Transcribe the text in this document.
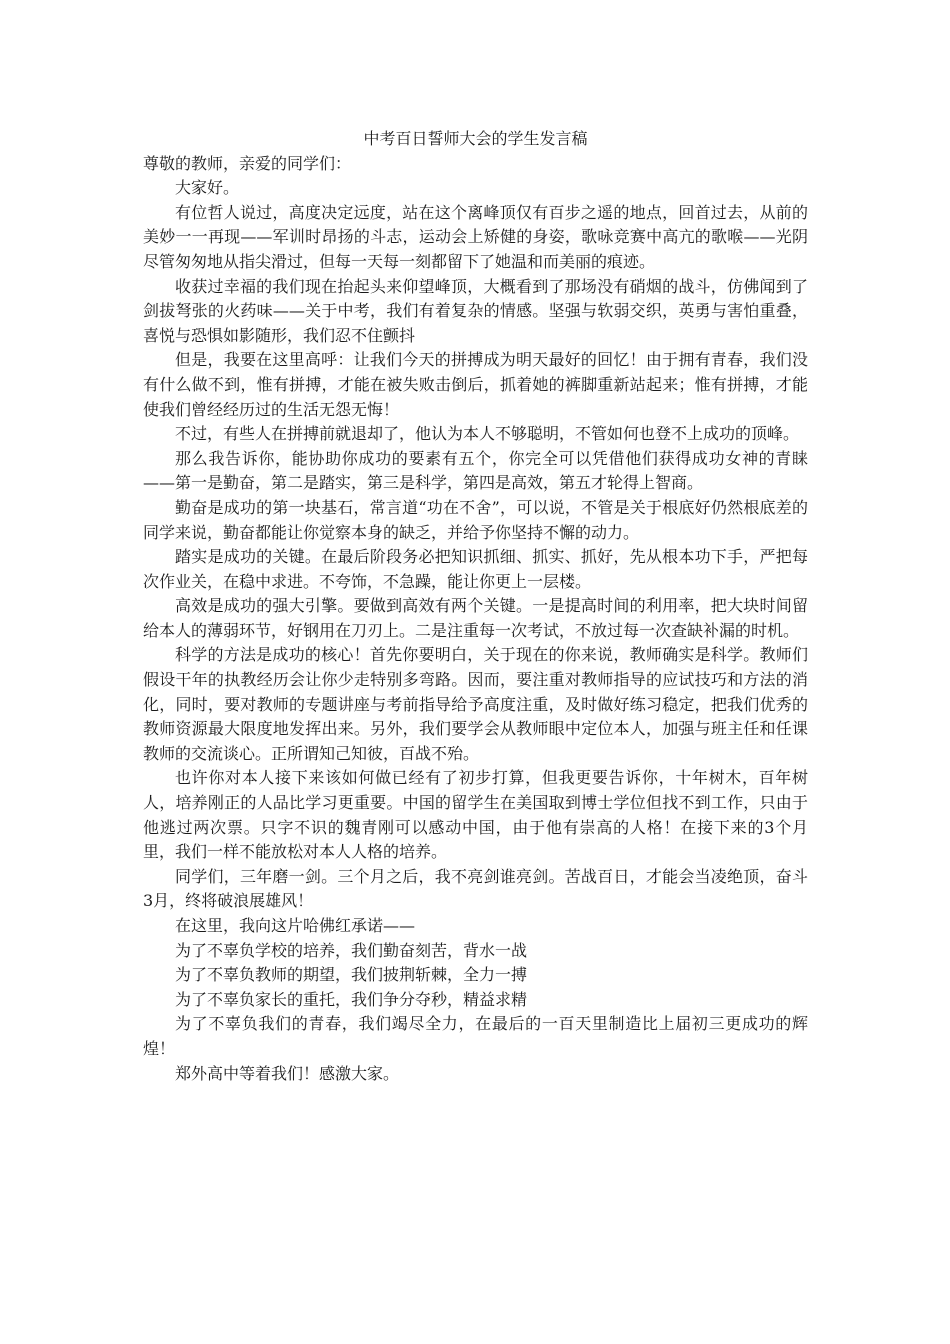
中考百日誓师大会的学生发言稿

尊敬的教师，亲爱的同学们：

大家好。

有位哲人说过，高度决定远度，站在这个离峰顶仅有百步之遥的地点，回首过去，从前的美妙一一再现——军训时昂扬的斗志，运动会上矫健的身姿，歌咏竞赛中高亢的歌喉——光阴尽管匆匆地从指尖滑过，但每一天每一刻都留下了她温和而美丽的痕迹。

收获过幸福的我们现在抬起头来仰望峰顶，大概看到了那场没有硝烟的战斗，仿佛闻到了剑拔弩张的火药味——关于中考，我们有着复杂的情感。坚强与软弱交织，英勇与害怕重叠，喜悦与恐惧如影随形，我们忍不住颤抖

但是，我要在这里高呼：让我们今天的拼搏成为明天最好的回忆！由于拥有青春，我们没有什么做不到，惟有拼搏，才能在被失败击倒后，抓着她的裤脚重新站起来；惟有拼搏，才能使我们曾经经历过的生活无怨无悔！

不过，有些人在拼搏前就退却了，他认为本人不够聪明，不管如何也登不上成功的顶峰。

那么我告诉你，能协助你成功的要素有五个，你完全可以凭借他们获得成功女神的青睐——第一是勤奋，第二是踏实，第三是科学，第四是高效，第五才轮得上智商。

勤奋是成功的第一块基石，常言道“功在不舍”，可以说，不管是关于根底好仍然根底差的同学来说，勤奋都能让你觉察本身的缺乏，并给予你坚持不懈的动力。

踏实是成功的关键。在最后阶段务必把知识抓细、抓实、抓好，先从根本功下手，严把每次作业关，在稳中求进。不夸饰，不急躁，能让你更上一层楼。

高效是成功的强大引擎。要做到高效有两个关键。一是提高时间的利用率，把大块时间留给本人的薄弱环节，好钢用在刀刃上。二是注重每一次考试，不放过每一次查缺补漏的时机。

科学的方法是成功的核心！首先你要明白，关于现在的你来说，教师确实是科学。教师们假设干年的执教经历会让你少走特别多弯路。因而，要注重对教师指导的应试技巧和方法的消化，同时，要对教师的专题讲座与考前指导给予高度注重，及时做好练习稳定，把我们优秀的教师资源最大限度地发挥出来。另外，我们要学会从教师眼中定位本人，加强与班主任和任课教师的交流谈心。正所谓知己知彼，百战不殆。

也许你对本人接下来该如何做已经有了初步打算，但我更要告诉你，十年树木，百年树人，培养刚正的人品比学习更重要。中国的留学生在美国取到博士学位但找不到工作，只由于他逃过两次票。只字不识的魏青刚可以感动中国，由于他有崇高的人格！在接下来的3个月里，我们一样不能放松对本人人格的培养。

同学们，三年磨一剑。三个月之后，我不亮剑谁亮剑。苦战百日，才能会当凌绝顶，奋斗3月，终将破浪展雄风！

在这里，我向这片哈佛红承诺——

为了不辜负学校的培养，我们勤奋刻苦，背水一战

为了不辜负教师的期望，我们披荆斩棘，全力一搏

为了不辜负家长的重托，我们争分夺秒，精益求精

为了不辜负我们的青春，我们竭尽全力，在最后的一百天里制造比上届初三更成功的辉煌！

郑外高中等着我们！感激大家。
